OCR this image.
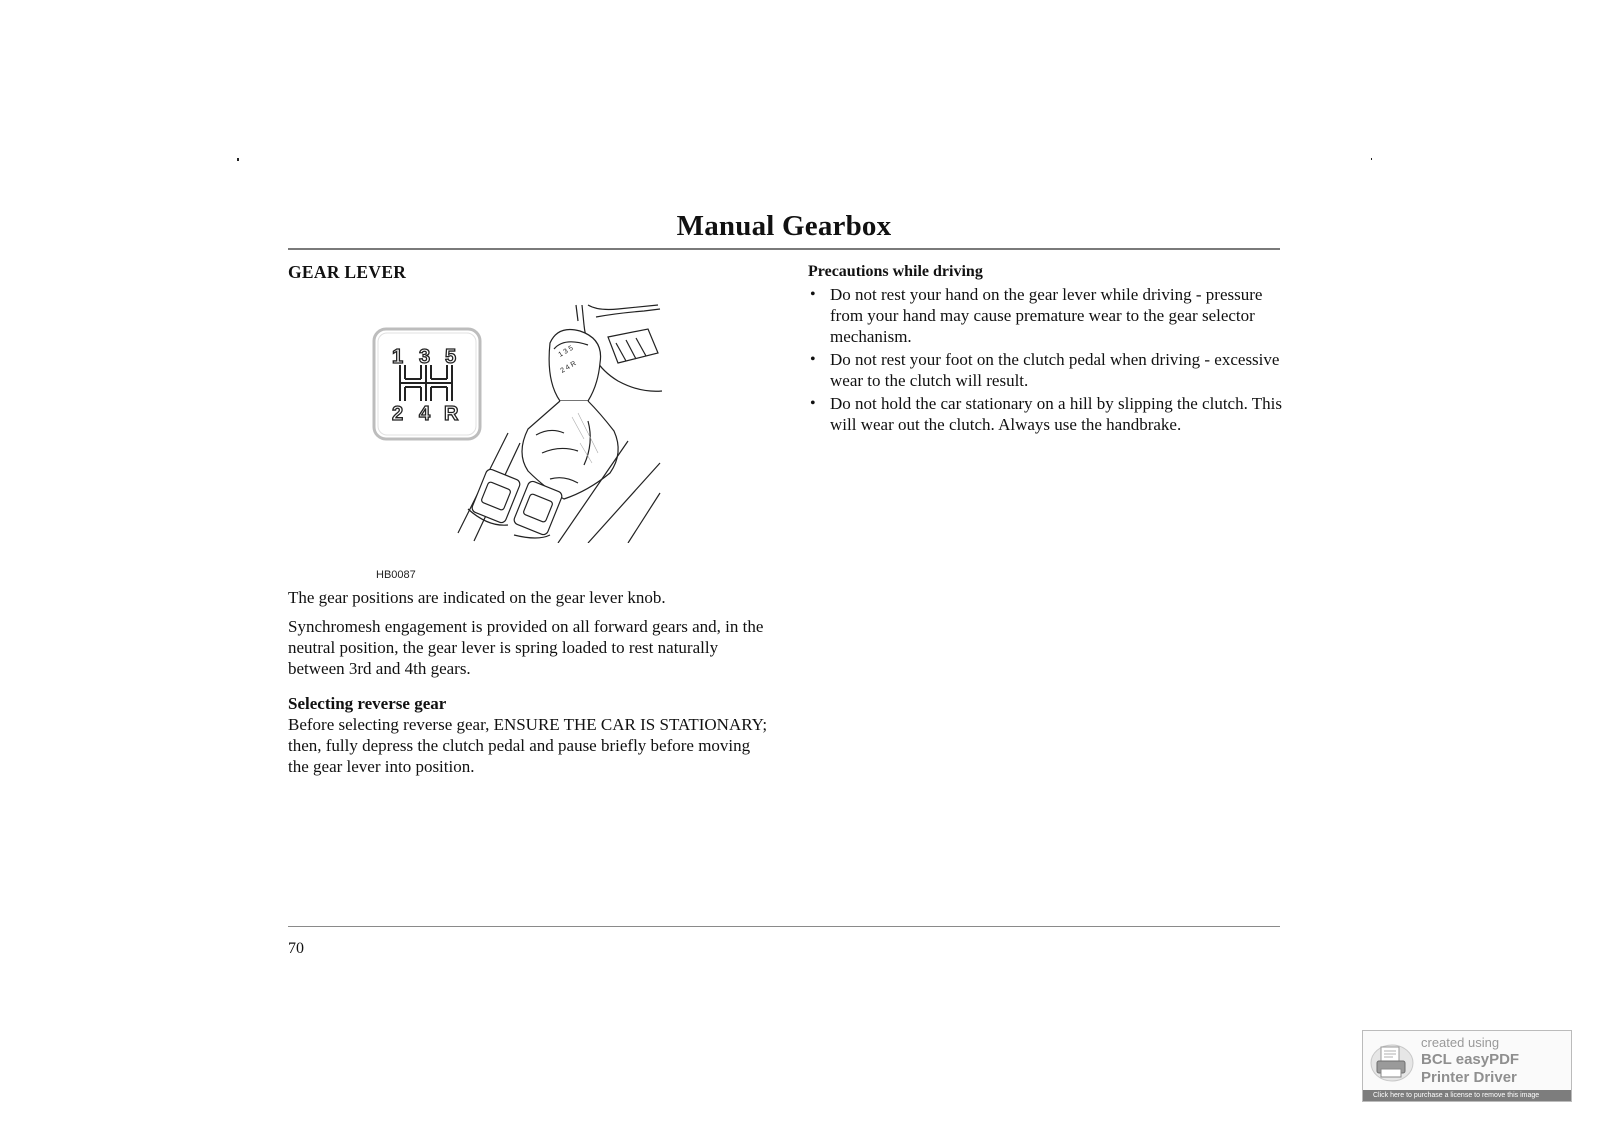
Manual Gearbox
GEAR LEVER
1 3 5
2 4 R
1 3 5
2 4 R
HB0087

The gear positions are indicated on the gear lever knob.

Synchromesh engagement is provided on all forward gears and, in the neutral position, the gear lever is spring loaded to rest naturally between 3rd and 4th gears.

Selecting reverse gear

Before selecting reverse gear, ENSURE THE CAR IS STATIONARY; then, fully depress the clutch pedal and pause briefly before moving the gear lever into position.

Precautions while driving
• Do not rest your hand on the gear lever while driving - pressure from your hand may cause premature wear to the gear selector mechanism.
• Do not rest your foot on the clutch pedal when driving - excessive wear to the clutch will result.
• Do not hold the car stationary on a hill by slipping the clutch. This will wear out the clutch. Always use the handbrake.
70
created using
BCL easyPDF
Printer Driver
Click here to purchase a license to remove this image
